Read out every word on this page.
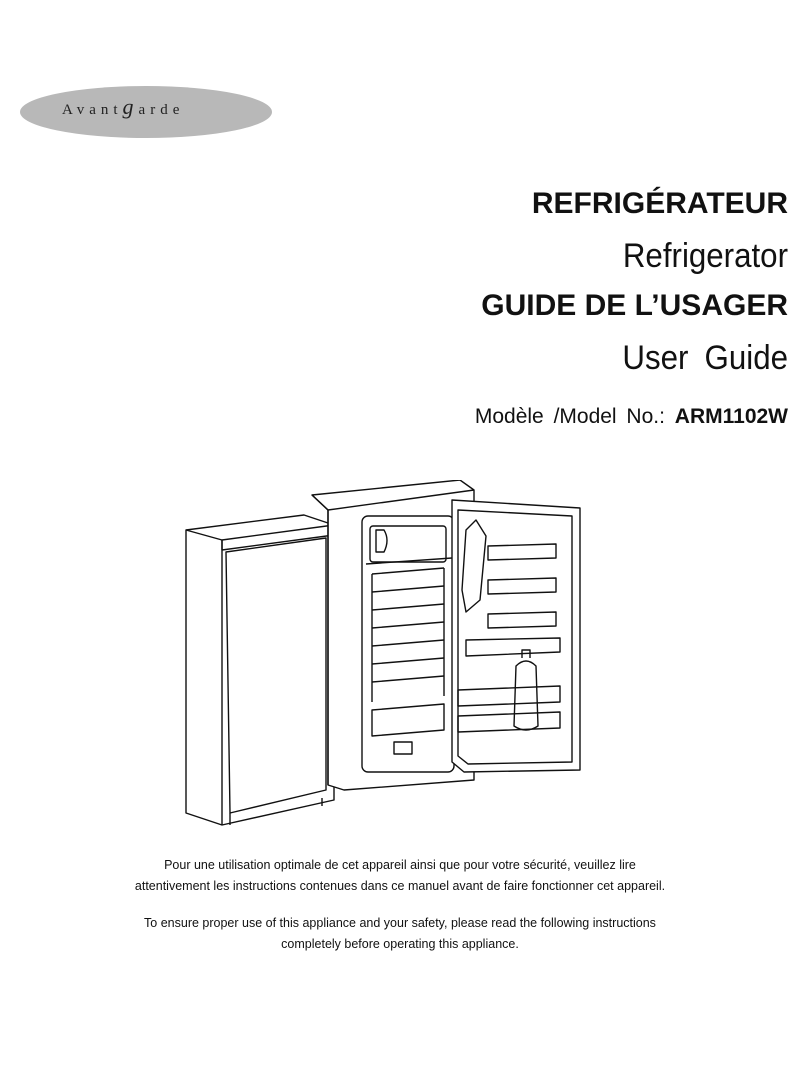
Avantgarde

REFRIGÉRATEUR

Refrigerator

GUIDE DE L’USAGER

User Guide

Modèle /Model No.: ARM1102W

Pour une utilisation optimale de cet appareil ainsi que pour votre sécurité, veuillez lire

attentivement les instructions contenues dans ce manuel avant de faire fonctionner cet appareil.

To ensure proper use of this appliance and your safety, please read the following instructions

completely before operating this appliance.
